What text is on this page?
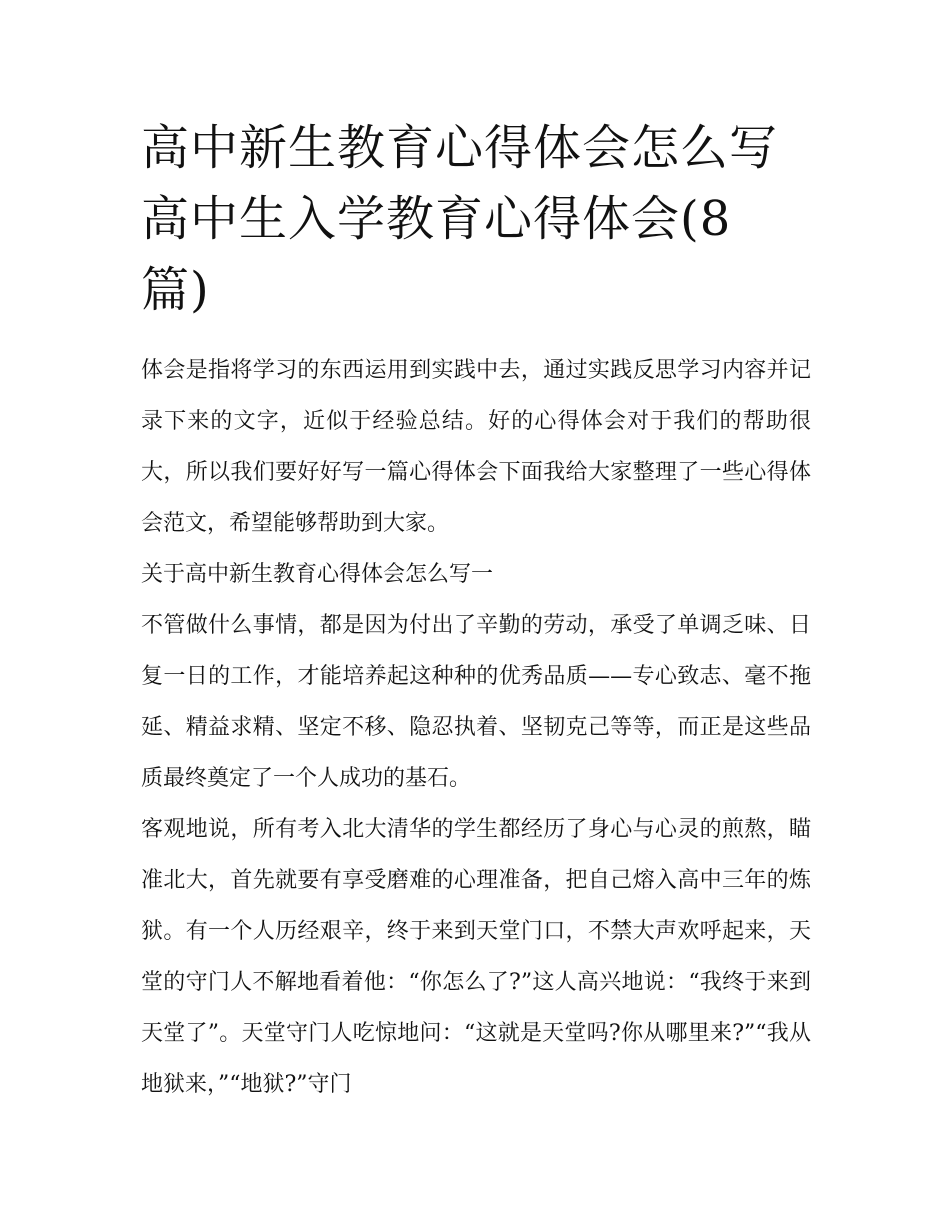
高中新生教育心得体会怎么写
高中生入学教育心得体会(8
篇)

体会是指将学习的东西运用到实践中去，通过实践反思学习内容并记录下来的文字，近似于经验总结。好的心得体会对于我们的帮助很大，所以我们要好好写一篇心得体会下面我给大家整理了一些心得体会范文，希望能够帮助到大家。

关于高中新生教育心得体会怎么写一

不管做什么事情，都是因为付出了辛勤的劳动，承受了单调乏味、日复一日的工作，才能培养起这种种的优秀品质——专心致志、毫不拖延、精益求精、坚定不移、隐忍执着、坚韧克己等等，而正是这些品质最终奠定了一个人成功的基石。

客观地说，所有考入北大清华的学生都经历了身心与心灵的煎熬，瞄准北大，首先就要有享受磨难的心理准备，把自己熔入高中三年的炼狱。有一个人历经艰辛，终于来到天堂门口，不禁大声欢呼起来，天堂的守门人不解地看着他：“你怎么了?”这人高兴地说：“我终于来到天堂了”。天堂守门人吃惊地问：“这就是天堂吗?你从哪里来?”“我从地狱来，”“地狱?”守门
